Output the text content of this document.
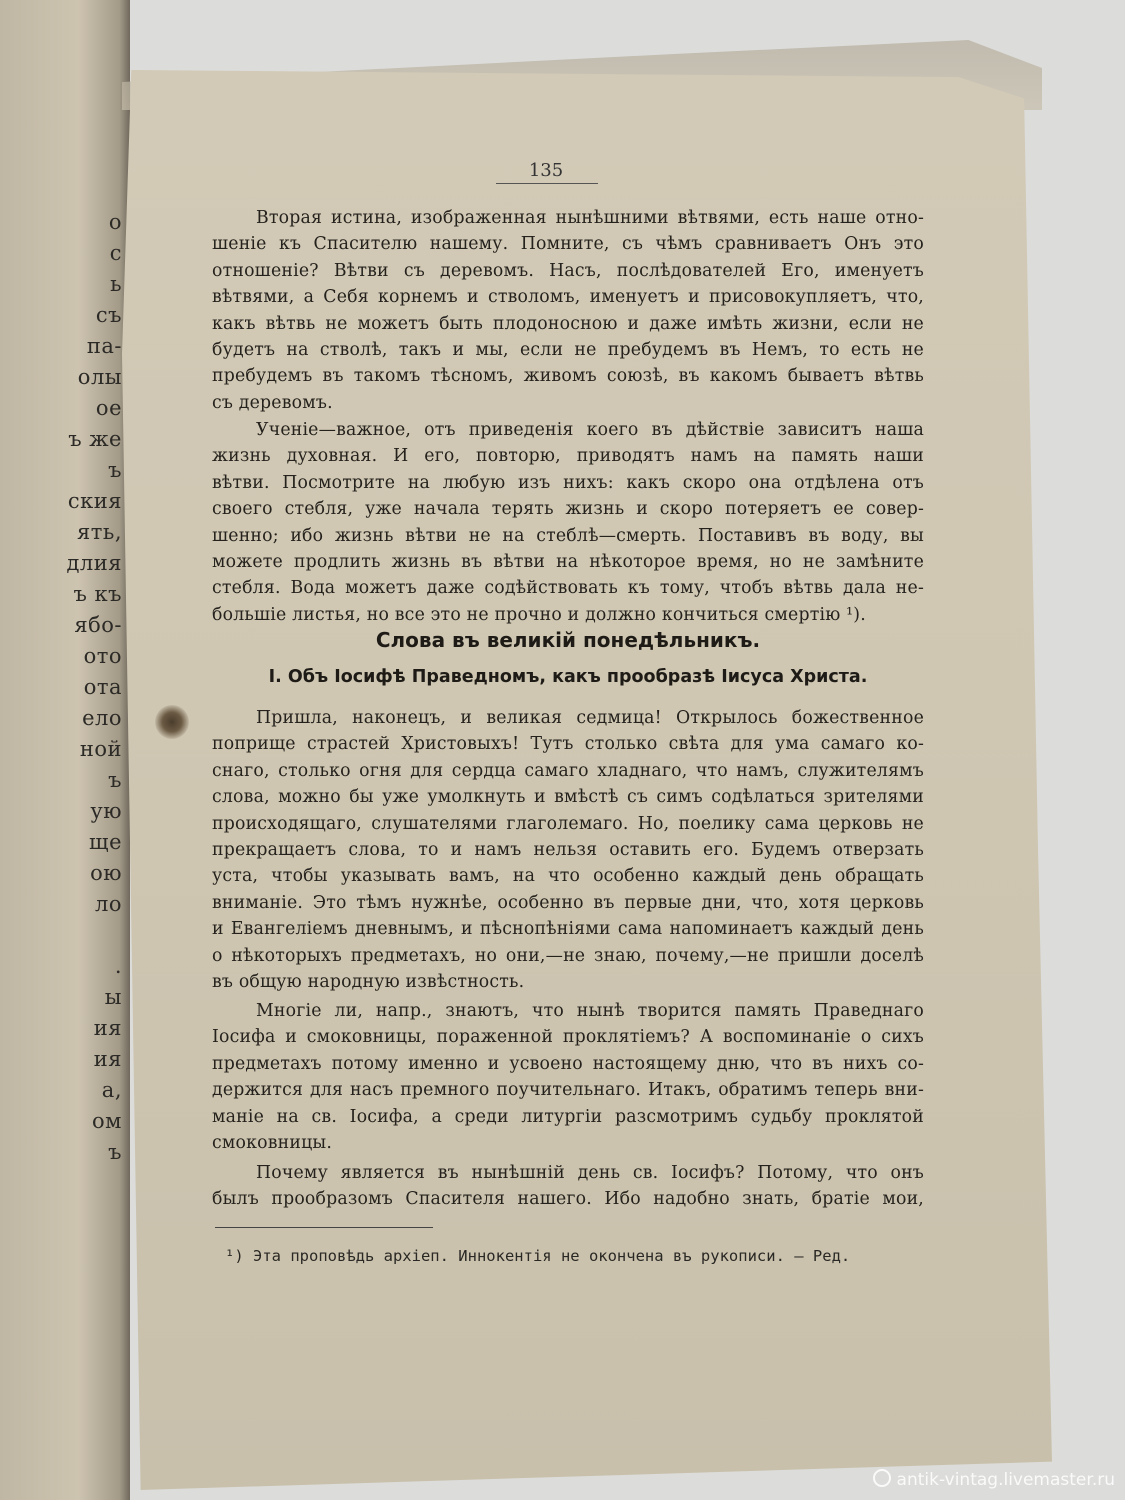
о
с
ь
съ
па-
олы
ое
ъ же
ъ
ския
ять,
длия
ъ къ
ябо-
ото
ота
ело
ной
ъ
ую
ще
ою
ло
.
ы
ия
ия
а,
ом
ъ
135
Вторая истина, изображенная нынѣшними вѣтвями, есть наше отно-
шеніе къ Спасителю нашему. Помните, съ чѣмъ сравниваетъ Онъ это
отношеніе? Вѣтви съ деревомъ. Насъ, послѣдователей Его, именуетъ
вѣтвями, а Себя корнемъ и стволомъ, именуетъ и присовокупляетъ, что,
какъ вѣтвь не можетъ быть плодоносною и даже имѣть жизни, если не
будетъ на стволѣ, такъ и мы, если не пребудемъ въ Немъ, то есть не
пребудемъ въ такомъ тѣсномъ, живомъ союзѣ, въ какомъ бываетъ вѣтвь
съ деревомъ.
Ученіе—важное, отъ приведенія коего въ дѣйствіе зависитъ наша
жизнь духовная. И его, повторю, приводятъ намъ на память наши
вѣтви. Посмотрите на любую изъ нихъ: какъ скоро она отдѣлена отъ
своего стебля, уже начала терять жизнь и скоро потеряетъ ее совер-
шенно; ибо жизнь вѣтви не на стеблѣ—смерть. Поставивъ въ воду, вы
можете продлить жизнь въ вѣтви на нѣкоторое время, но не замѣните
стебля. Вода можетъ даже содѣйствовать къ тому, чтобъ вѣтвь дала не-
большіе листья, но все это не прочно и должно кончиться смертію ¹).
Слова въ великій понедѣльникъ.
I. Объ Іосифѣ Праведномъ, какъ прообразѣ Іисуса Христа.
Пришла, наконецъ, и великая седмица! Открылось божественное
поприще страстей Христовыхъ! Тутъ столько свѣта для ума самаго ко-
снаго, столько огня для сердца самаго хладнаго, что намъ, служителямъ
слова, можно бы уже умолкнуть и вмѣстѣ съ симъ содѣлаться зрителями
происходящаго, слушателями глаголемаго. Но, поелику сама церковь не
прекращаетъ слова, то и намъ нельзя оставить его. Будемъ отверзать
уста, чтобы указывать вамъ, на что особенно каждый день обращать
вниманіе. Это тѣмъ нужнѣе, особенно въ первые дни, что, хотя церковь
и Евангеліемъ дневнымъ, и пѣснопѣніями сама напоминаетъ каждый день
о нѣкоторыхъ предметахъ, но они,—не знаю, почему,—не пришли доселѣ
въ общую народную извѣстность.
Многіе ли, напр., знаютъ, что нынѣ творится память Праведнаго
Іосифа и смоковницы, пораженной проклятіемъ? А воспоминаніе о сихъ
предметахъ потому именно и усвоено настоящему дню, что въ нихъ со-
держится для насъ премного поучительнаго. Итакъ, обратимъ теперь вни-
маніе на св. Іосифа, а среди литургіи разсмотримъ судьбу проклятой
смоковницы.
Почему является въ нынѣшній день св. Іосифъ? Потому, что онъ
былъ прообразомъ Спасителя нашего. Ибо надобно знать, братіе мои,
¹) Эта проповѣдь архіеп. Иннокентія не окончена въ рукописи. – Ред.
antik-vintag.livemaster.ru
